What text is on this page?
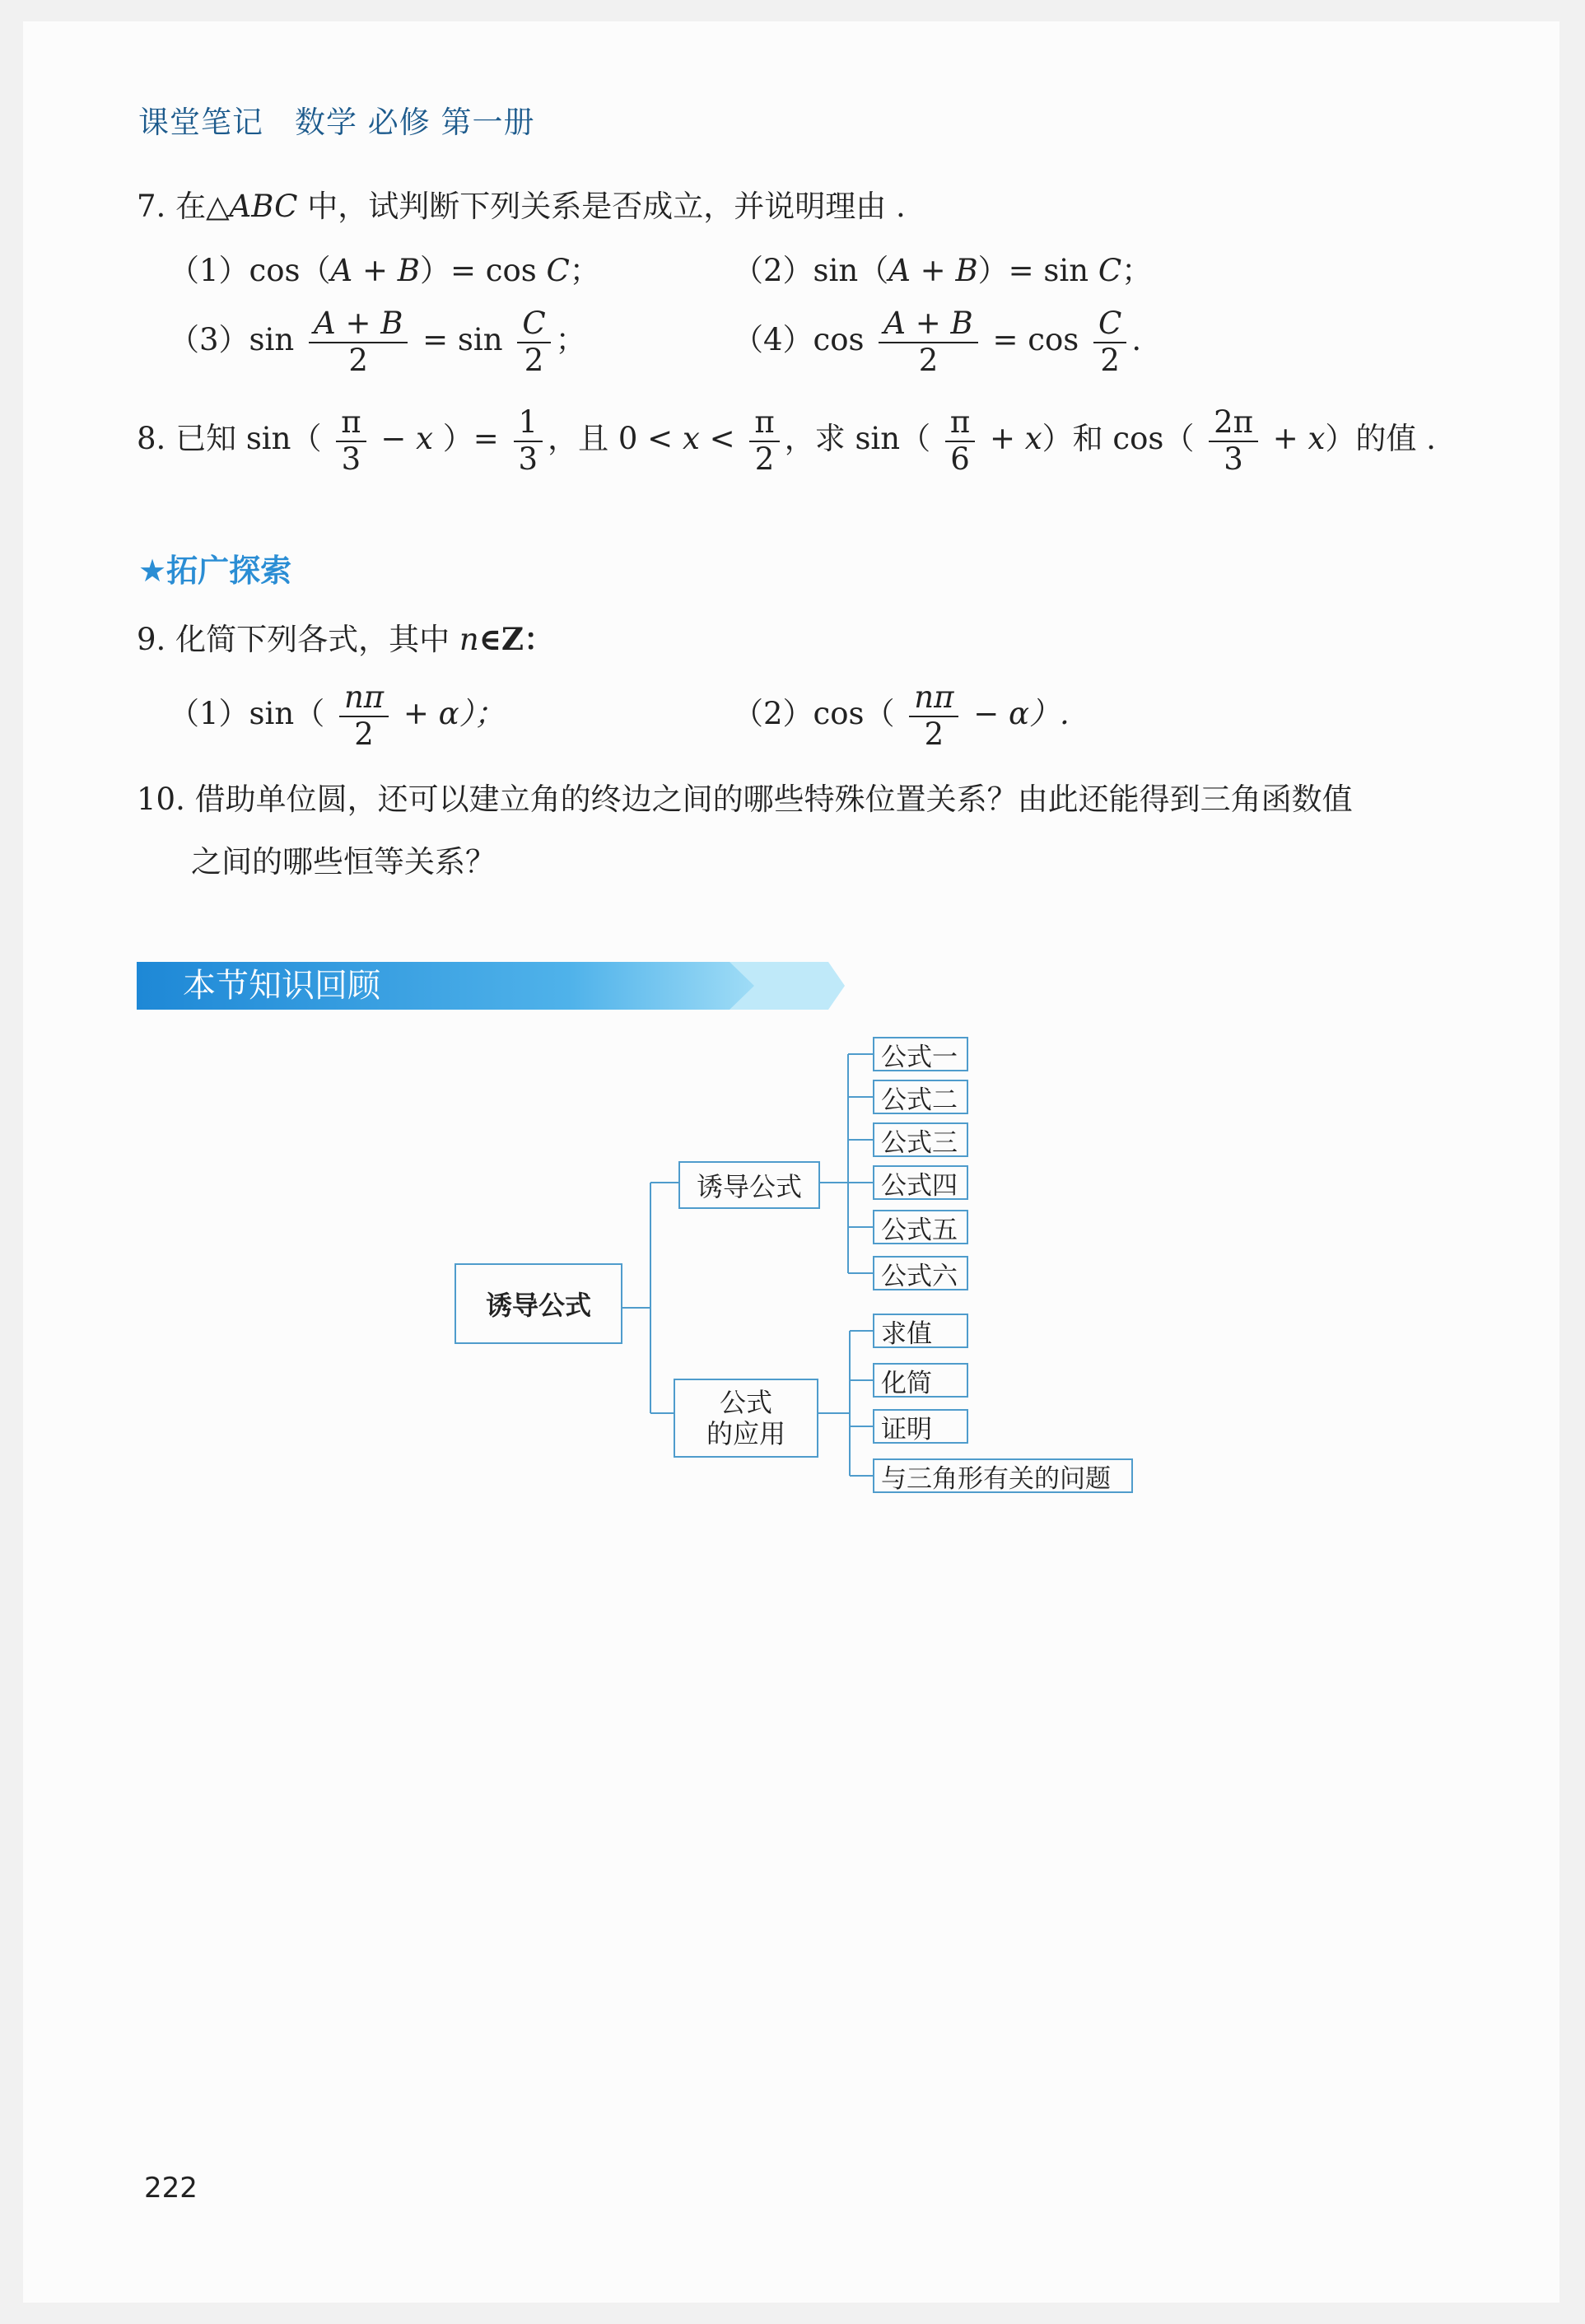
课堂笔记　数学 必修 第一册
7. 在△ABC 中，试判断下列关系是否成立，并说明理由 .
（1）cos（A + B）= cos C；	（2）sin（A + B）= sin C；
$(3)\sin \frac{A + B}{2} = \sin \frac{C}{2}$ ；	$(4)\cos \frac{A + B}{2} = \cos \frac{C}{2}$ .
8. 已知 $\sin( \frac{\pi}{3} - x$ ）= $\frac{1}{3}$ ，且 $0 < x < \frac{\pi}{2}$ ，求 $\sin( \frac{\pi}{6} + x)$和 $\cos( \frac{2\pi}{3} + x)$的值 .
★拓广探索
9. 化简下列各式，其中 n∈Z：
$(1)\sin( \frac{n\pi}{2} + \alpha)$；	$(2)\cos( \frac{n\pi}{2} - \alpha)$.
10. 借助单位圆，还可以建立角的终边之间的哪些特殊位置关系？由此还能得到三角函数值
之间的哪些恒等关系？
本节知识回顾
诱导公式
诱导公式
公式
的应用
公式一
公式二
公式三
公式四
公式五
公式六
求值
化简
证明
与三角形有关的问题
222
